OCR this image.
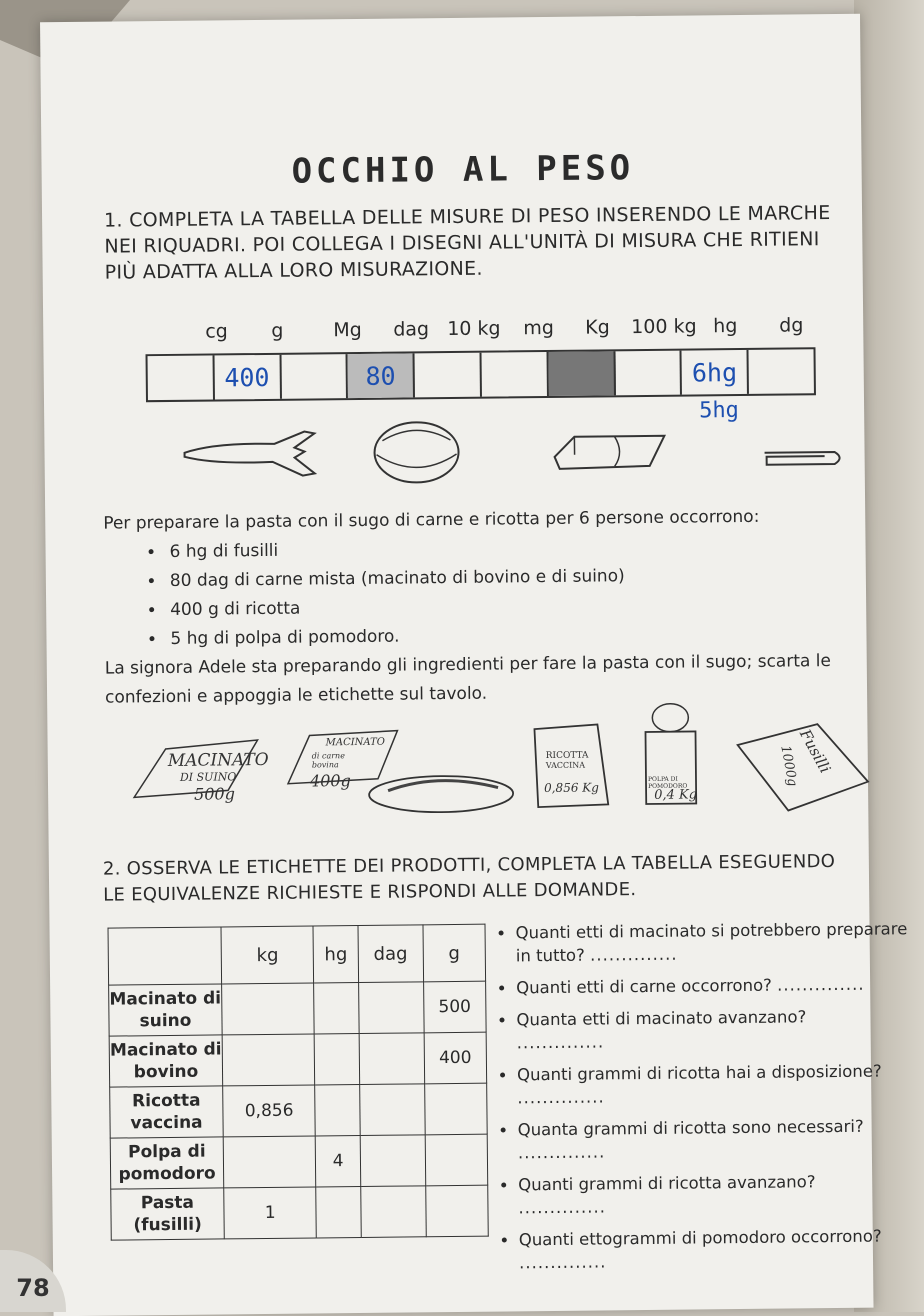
OCCHIO AL PESO
1. COMPLETA LA TABELLA DELLE MISURE DI PESO INSERENDO LE MARCHE NEI RIQUADRI. POI COLLEGA I DISEGNI ALL'UNITÀ DI MISURA CHE RITIENI PIÙ ADATTA ALLA LORO MISURAZIONE.
cg g	Mg dag 10 kg mg Kg 100 kg hg dg
400	80	6hg
5hg

Per preparare la pasta con il sugo di carne e ricotta per 6 persone occorrono:

• 6 hg di fusilli
• 80 dag di carne mista (macinato di bovino e di suino)
• 400 g di ricotta
• 5 hg di polpa di pomodoro.

La signora Adele sta preparando gli ingredienti per fare la pasta con il sugo; scarta le confezioni e appoggia le etichette sul tavolo.

MACINATO
DI SUINO
500g
MACINATO
di carne bovina
400g
RICOTTA
VACCINA
0,856 Kg
POLPA DI POMODORO
0,4 Kg
Fusilli
1000g
2. OSSERVA LE ETICHETTE DEI PRODOTTI, COMPLETA LA TABELLA ESEGUENDO LE EQUIVALENZE RICHIESTE E RISPONDI ALLE DOMANDE.
	kg	hg	dag	g
Macinato di suino				500
Macinato di bovino				400
Ricotta vaccina	0,856			
Polpa di pomodoro		4		
Pasta (fusilli)	1			
• Quanti etti di macinato si potrebbero preparare in tutto? ..............
• Quanti etti di carne occorrono? ..............
• Quanta etti di macinato avanzano?
..............
• Quanti grammi di ricotta hai a disposizione? ..............
• Quanta grammi di ricotta sono necessari? ..............
• Quanti grammi di ricotta avanzano?
..............
• Quanti ettogrammi di pomodoro occorrono? ..............
78
